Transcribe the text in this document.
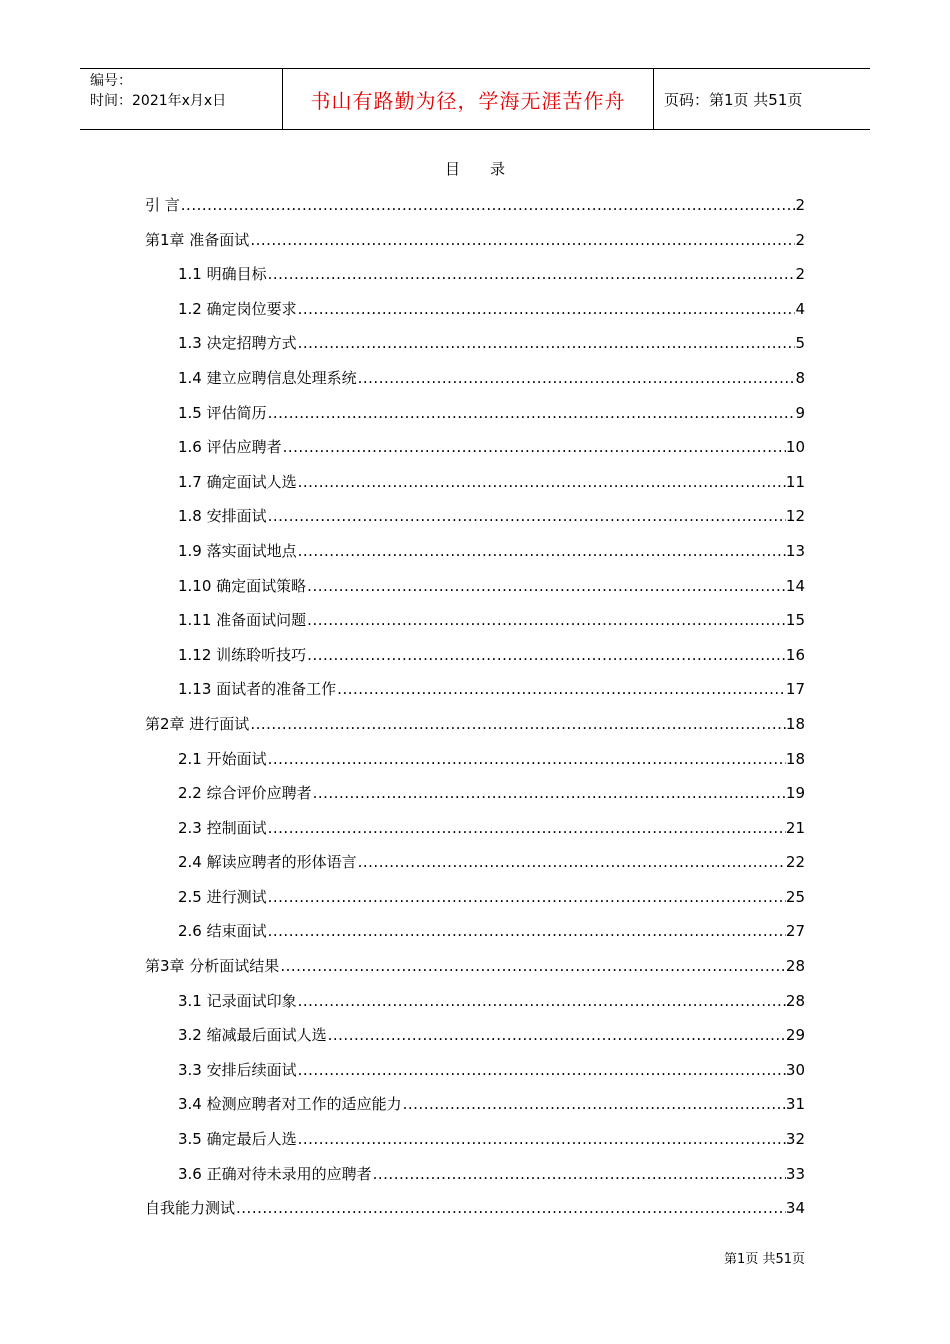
编号：
时间：2021年x月x日	书山有路勤为径，学海无涯苦作舟	页码：第1页 共51页
目录
引 言 .....	2
第1章 准备面试 .....	2
1.1 明确目标 .....	2
1.2 确定岗位要求 .....	4
1.3 决定招聘方式 .....	5
1.4 建立应聘信息处理系统 .....	8
1.5 评估简历 .....	9
1.6 评估应聘者 .....	10
1.7 确定面试人选 .....	11
1.8 安排面试 .....	12
1.9 落实面试地点 .....	13
1.10 确定面试策略 .....	14
1.11 准备面试问题 .....	15
1.12 训练聆听技巧 .....	16
1.13 面试者的准备工作 .....	17
第2章 进行面试 .....	18
2.1 开始面试 .....	18
2.2 综合评价应聘者 .....	19
2.3 控制面试 .....	21
2.4 解读应聘者的形体语言 .....	22
2.5 进行测试 .....	25
2.6 结束面试 .....	27
第3章 分析面试结果 .....	28
3.1 记录面试印象 .....	28
3.2 缩减最后面试人选 .....	29
3.3 安排后续面试 .....	30
3.4 检测应聘者对工作的适应能力 .....	31
3.5 确定最后人选 .....	32
3.6 正确对待未录用的应聘者 .....	33
自我能力测试 .....	34
第1页 共51页
